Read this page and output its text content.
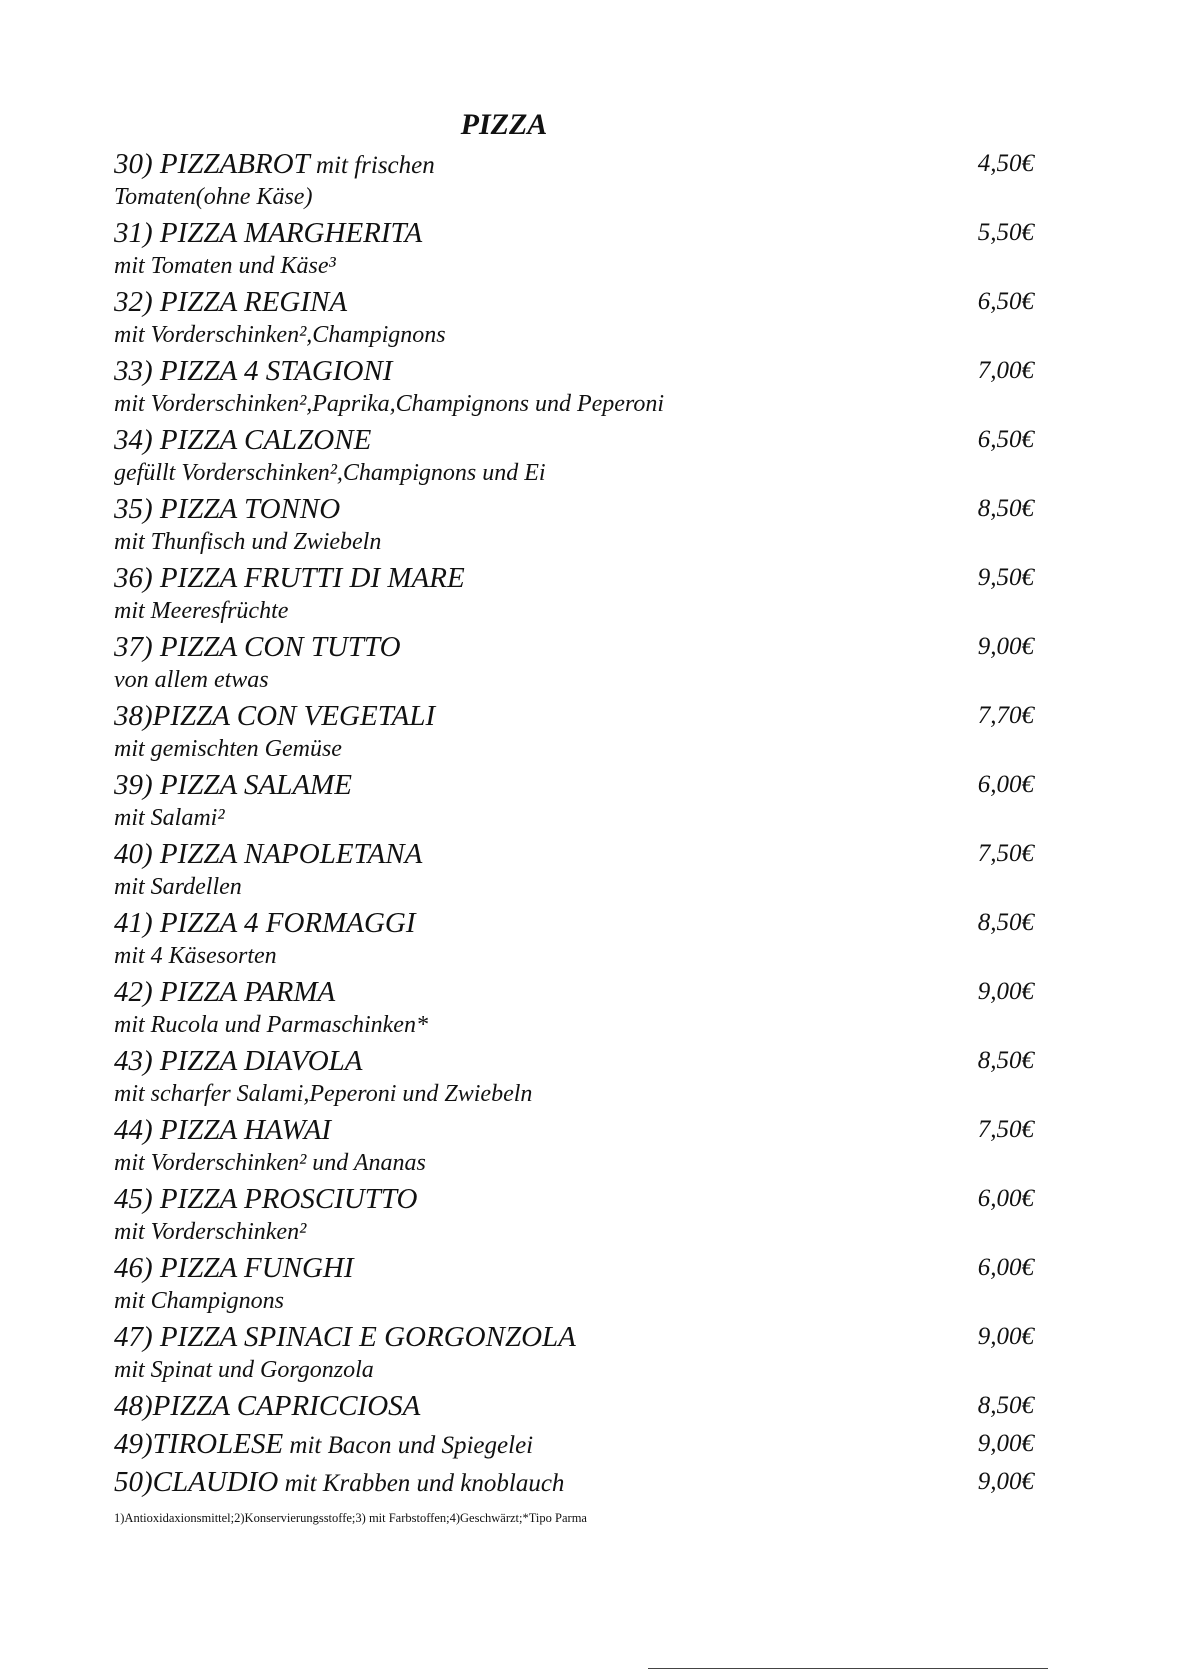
PIZZA
30) PIZZABROT mit frischen	4,50€
Tomaten(ohne Käse)
31) PIZZA MARGHERITA	5,50€
mit Tomaten und Käse³
32) PIZZA REGINA	6,50€
mit Vorderschinken²,Champignons
33) PIZZA 4 STAGIONI	7,00€
mit Vorderschinken²,Paprika,Champignons und Peperoni
34) PIZZA CALZONE	6,50€
gefüllt Vorderschinken²,Champignons und Ei
35) PIZZA TONNO	8,50€
mit Thunfisch und Zwiebeln
36) PIZZA FRUTTI DI MARE	9,50€
mit Meeresfrüchte
37) PIZZA CON TUTTO	9,00€
von allem etwas
38)PIZZA CON VEGETALI	7,70€
mit gemischten Gemüse
39) PIZZA SALAME	6,00€
mit Salami²
40) PIZZA NAPOLETANA	7,50€
mit Sardellen
41) PIZZA 4 FORMAGGI	8,50€
mit 4 Käsesorten
42) PIZZA PARMA	9,00€
mit Rucola und Parmaschinken*
43) PIZZA DIAVOLA	8,50€
mit scharfer Salami,Peperoni und Zwiebeln
44) PIZZA HAWAI	7,50€
mit Vorderschinken² und Ananas
45) PIZZA PROSCIUTTO	6,00€
mit Vorderschinken²
46) PIZZA FUNGHI	6,00€
mit Champignons
47) PIZZA SPINACI E GORGONZOLA	9,00€
mit Spinat und Gorgonzola
48)PIZZA CAPRICCIOSA	8,50€
49)TIROLESE mit Bacon und Spiegelei	9,00€
50)CLAUDIO mit Krabben und knoblauch	9,00€
1)Antioxidaxionsmittel;2)Konservierungsstoffe;3) mit Farbstoffen;4)Geschwärzt;*Tipo Parma
